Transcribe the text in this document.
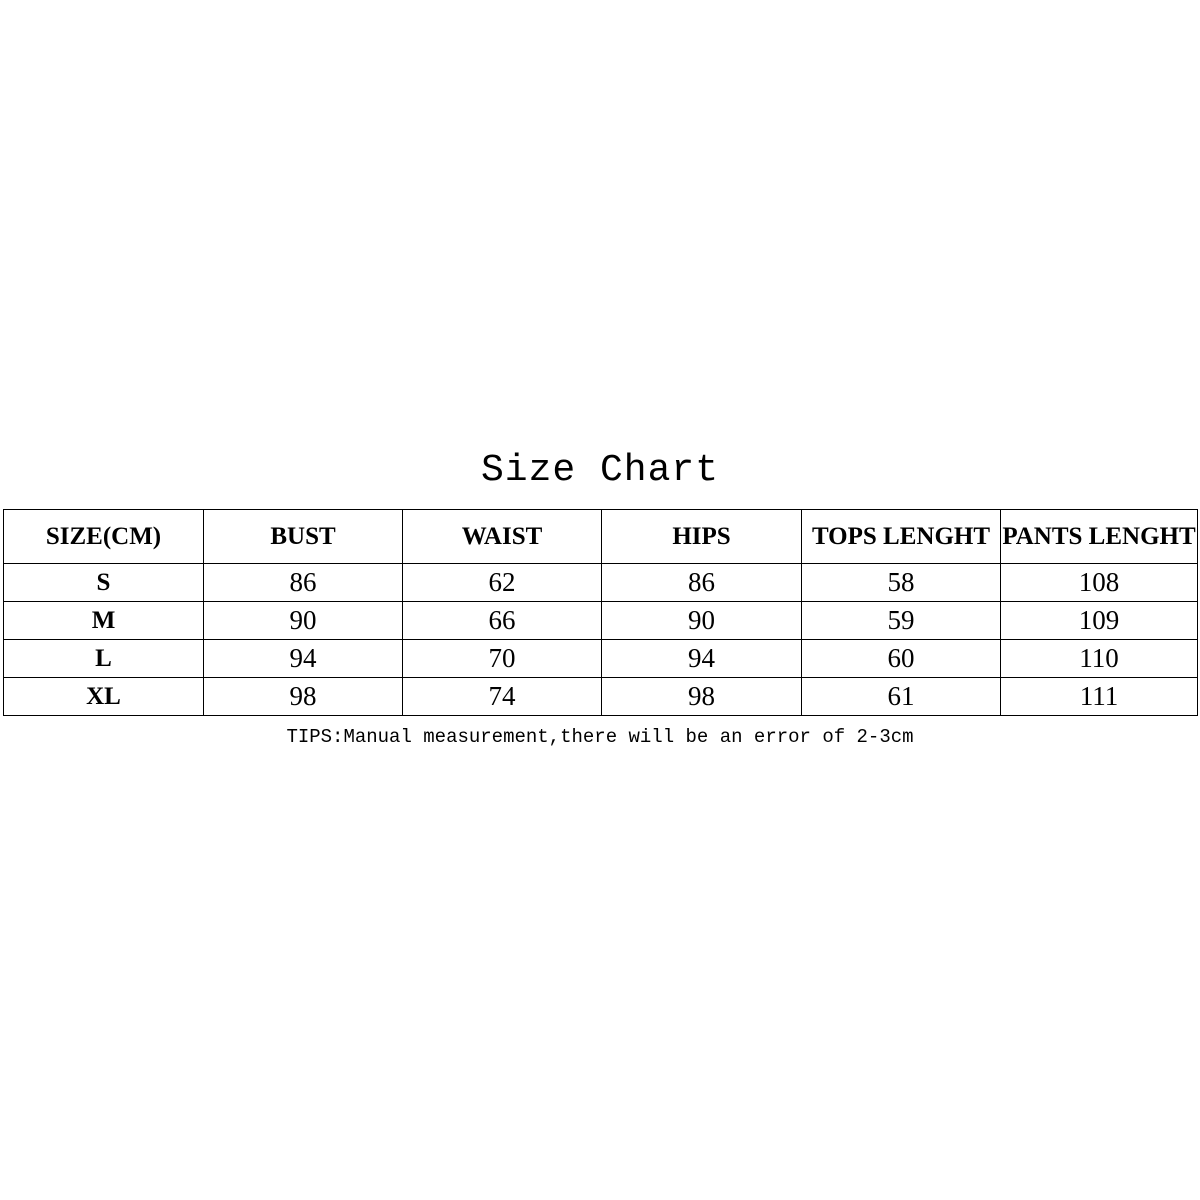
Size Chart
SIZE(CM)	BUST	WAIST	HIPS	TOPS LENGHT	PANTS LENGHT
S	86	62	86	58	108
M	90	66	90	59	109
L	94	70	94	60	110
XL	98	74	98	61	111
TIPS:Manual measurement,there will be an error of 2-3cm
